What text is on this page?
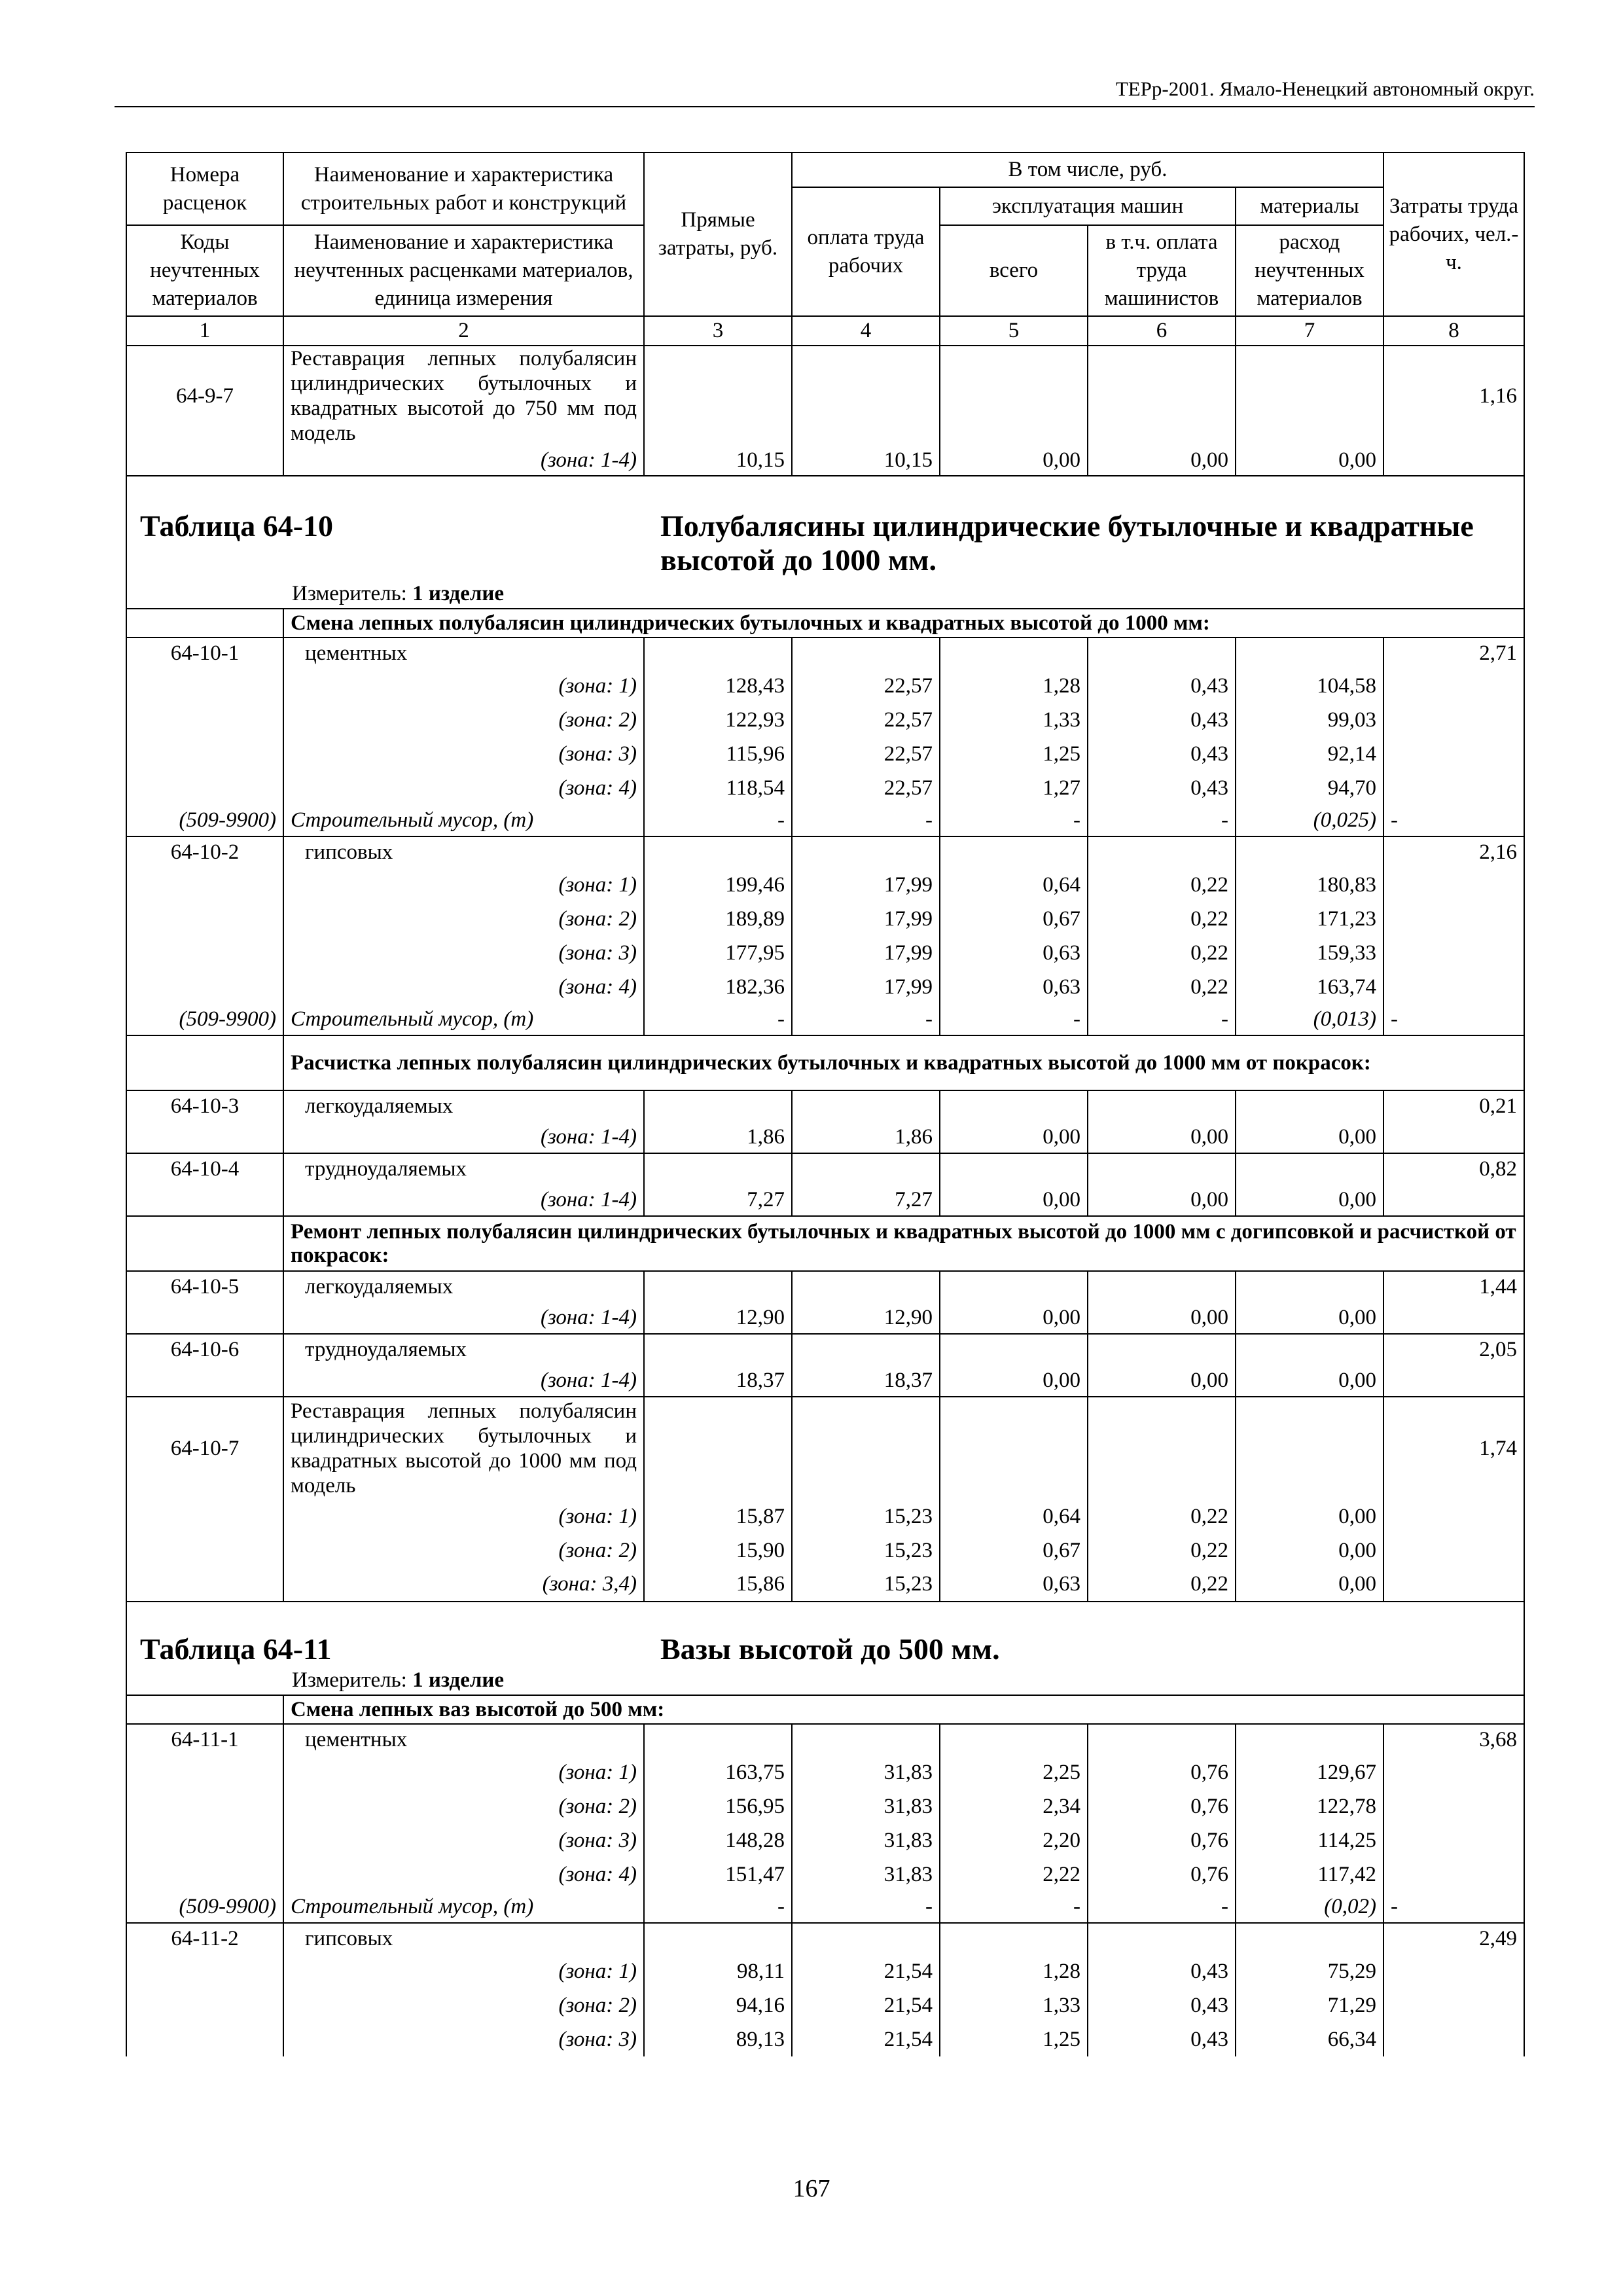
ТЕРр-2001. Ямало-Ненецкий автономный округ.
Номера расценок	Наименование и характеристика строительных работ и конструкций	Прямые затраты, руб.	В том числе, руб.				Затраты труда рабочих, чел.-ч.
			оплата труда рабочих	эксплуатация машин		материалы	
Коды неучтенных материалов	Наименование и характеристика неучтенных расценками материалов, единица измерения			всего	в т.ч. оплата труда машинистов	расход неучтенных материалов	
1	2	3	4	5	6	7	8
64-9-7	Реставрация лепных полубалясин цилиндрических бутылочных и квадратных высотой до 750 мм под модель						1,16
	(зона: 1-4)	10,15	10,15	0,00	0,00	0,00	

Таблица 64-10 Полубалясины цилиндрические бутылочные и квадратные высотой до 1000 мм.							

Измеритель: 1 изделие							
	Смена лепных полубалясин цилиндрических бутылочных и квадратных высотой до 1000 мм:						
64-10-1	цементных						2,71
	(зона: 1)	128,43	22,57	1,28	0,43	104,58	
	(зона: 2)	122,93	22,57	1,33	0,43	99,03	
	(зона: 3)	115,96	22,57	1,25	0,43	92,14	
	(зона: 4)	118,54	22,57	1,27	0,43	94,70	
(509-9900)	Строительный мусор, (т)	-	-	-	-	(0,025)	-
64-10-2	гипсовых						2,16
	(зона: 1)	199,46	17,99	0,64	0,22	180,83	
	(зона: 2)	189,89	17,99	0,67	0,22	171,23	
	(зона: 3)	177,95	17,99	0,63	0,22	159,33	
	(зона: 4)	182,36	17,99	0,63	0,22	163,74	
(509-9900)	Строительный мусор, (т)	-	-	-	-	(0,013)	-
	Расчистка лепных полубалясин цилиндрических бутылочных и квадратных высотой до 1000 мм от покрасок:						
64-10-3	легкоудаляемых						0,21
	(зона: 1-4)	1,86	1,86	0,00	0,00	0,00	
64-10-4	трудноудаляемых						0,82
	(зона: 1-4)	7,27	7,27	0,00	0,00	0,00	
	Ремонт лепных полубалясин цилиндрических бутылочных и квадратных высотой до 1000 мм с догипсовкой и расчисткой от покрасок:						
64-10-5	легкоудаляемых						1,44
	(зона: 1-4)	12,90	12,90	0,00	0,00	0,00	
64-10-6	трудноудаляемых						2,05
	(зона: 1-4)	18,37	18,37	0,00	0,00	0,00	
64-10-7	Реставрация лепных полубалясин цилиндрических бутылочных и квадратных высотой до 1000 мм под модель						1,74
	(зона: 1)	15,87	15,23	0,64	0,22	0,00	
	(зона: 2)	15,90	15,23	0,67	0,22	0,00	
	(зона: 3,4)	15,86	15,23	0,63	0,22	0,00	

Таблица 64-11 Вазы высотой до 500 мм.							

Измеритель: 1 изделие							
	Смена лепных ваз высотой до 500 мм:						
64-11-1	цементных						3,68
	(зона: 1)	163,75	31,83	2,25	0,76	129,67	
	(зона: 2)	156,95	31,83	2,34	0,76	122,78	
	(зона: 3)	148,28	31,83	2,20	0,76	114,25	
	(зона: 4)	151,47	31,83	2,22	0,76	117,42	
(509-9900)	Строительный мусор, (т)	-	-	-	-	(0,02)	-
64-11-2	гипсовых						2,49
	(зона: 1)	98,11	21,54	1,28	0,43	75,29	
	(зона: 2)	94,16	21,54	1,33	0,43	71,29	
	(зона: 3)	89,13	21,54	1,25	0,43	66,34	
167
